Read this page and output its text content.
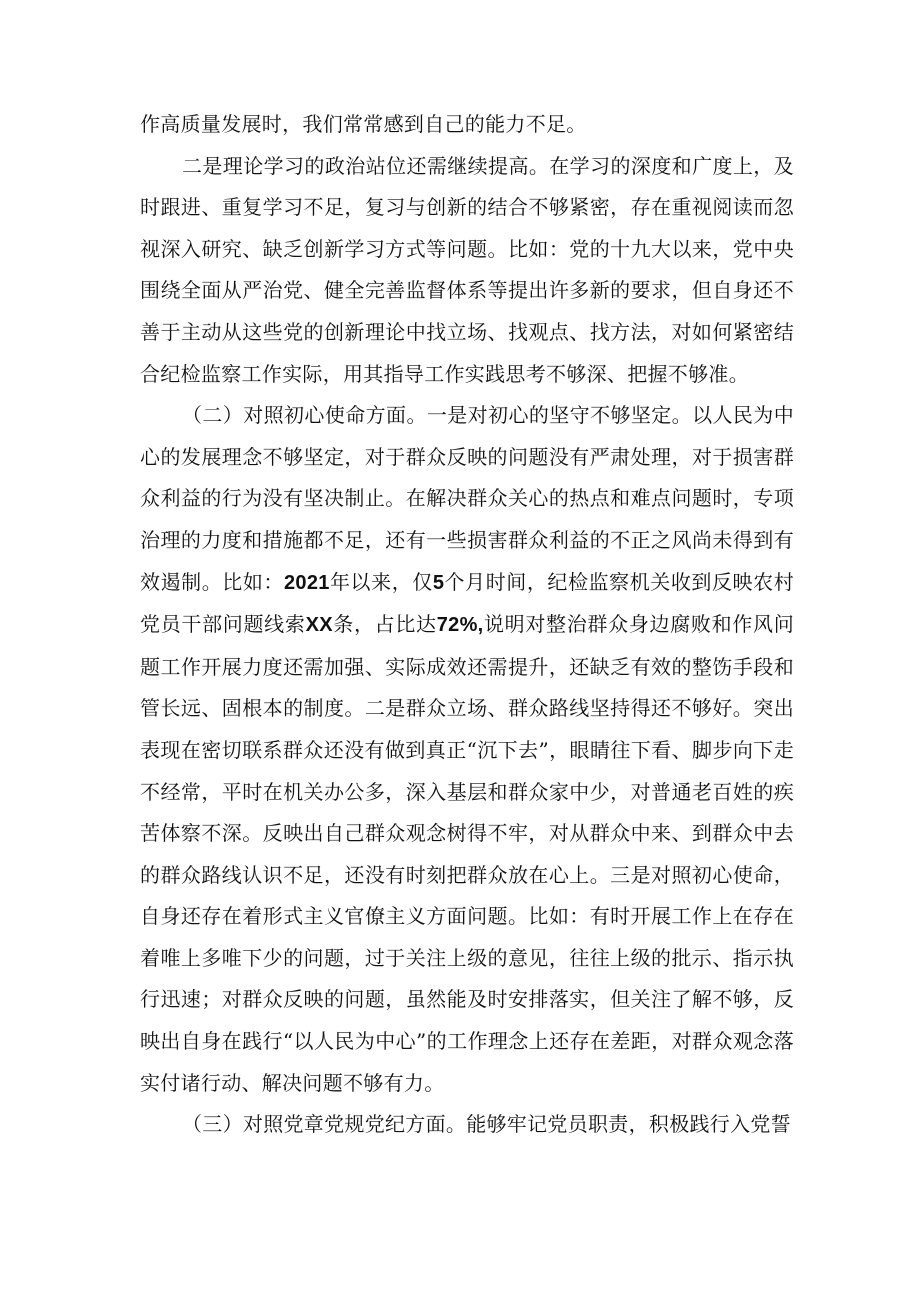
作高质量发展时，我们常常感到自己的能力不足。

二是理论学习的政治站位还需继续提高。在学习的深度和广度上，及时跟进、重复学习不足，复习与创新的结合不够紧密，存在重视阅读而忽视深入研究、缺乏创新学习方式等问题。比如：党的十九大以来，党中央围绕全面从严治党、健全完善监督体系等提出许多新的要求，但自身还不善于主动从这些党的创新理论中找立场、找观点、找方法，对如何紧密结合纪检监察工作实际，用其指导工作实践思考不够深、把握不够准。

（二）对照初心使命方面。一是对初心的坚守不够坚定。以人民为中心的发展理念不够坚定，对于群众反映的问题没有严肃处理，对于损害群众利益的行为没有坚决制止。在解决群众关心的热点和难点问题时，专项治理的力度和措施都不足，还有一些损害群众利益的不正之风尚未得到有效遏制。比如：2021年以来，仅5个月时间，纪检监察机关收到反映农村党员干部问题线索XX条，占比达72%,说明对整治群众身边腐败和作风问题工作开展力度还需加强、实际成效还需提升，还缺乏有效的整饬手段和管长远、固根本的制度。二是群众立场、群众路线坚持得还不够好。突出表现在密切联系群众还没有做到真正“沉下去”，眼睛往下看、脚步向下走不经常，平时在机关办公多，深入基层和群众家中少，对普通老百姓的疾苦体察不深。反映出自己群众观念树得不牢，对从群众中来、到群众中去的群众路线认识不足，还没有时刻把群众放在心上。三是对照初心使命，自身还存在着形式主义官僚主义方面问题。比如：有时开展工作上在存在着唯上多唯下少的问题，过于关注上级的意见，往往上级的批示、指示执行迅速；对群众反映的问题，虽然能及时安排落实，但关注了解不够，反映出自身在践行“以人民为中心”的工作理念上还存在差距，对群众观念落实付诸行动、解决问题不够有力。

（三）对照党章党规党纪方面。能够牢记党员职责，积极践行入党誓
